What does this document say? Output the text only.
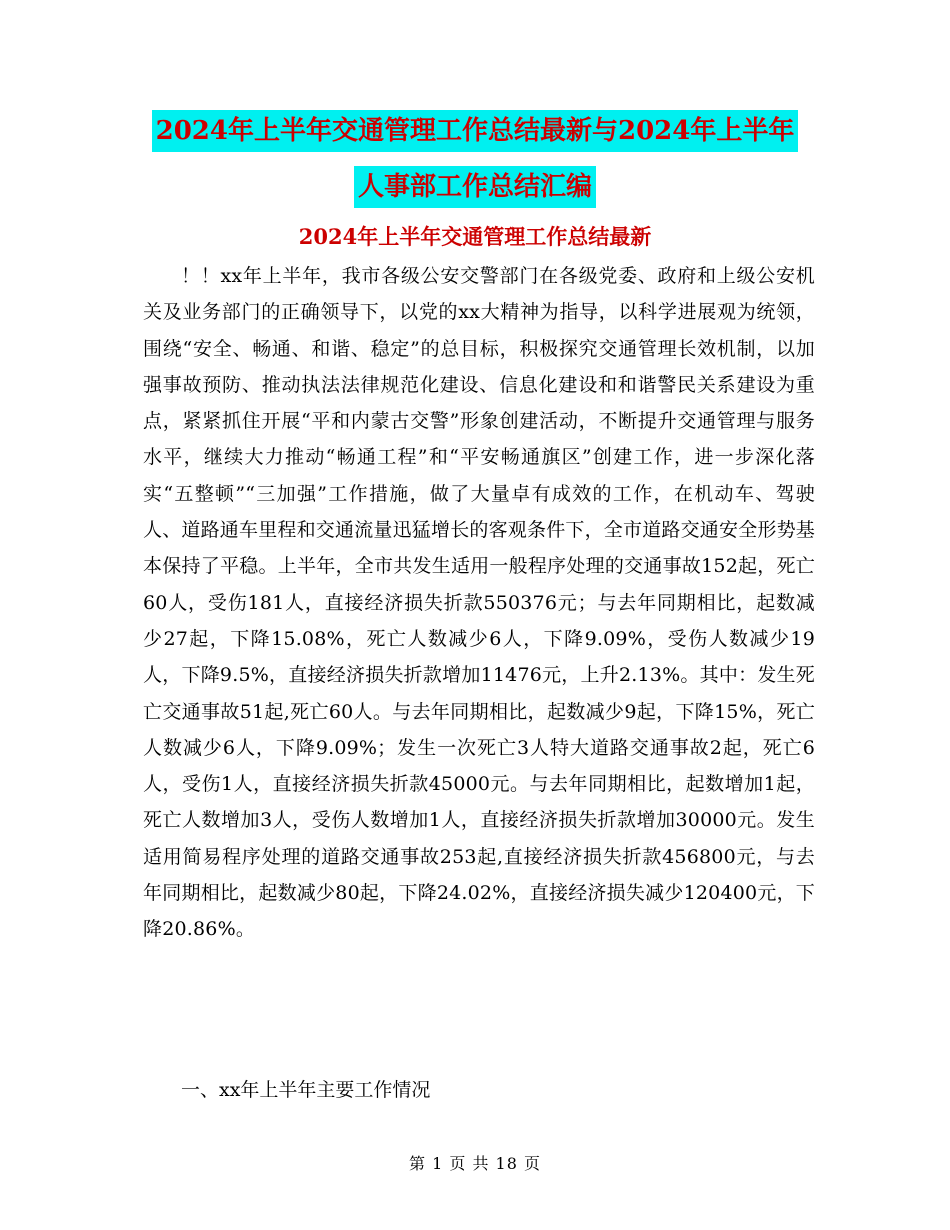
2024年上半年交通管理工作总结最新与2024年上半年
人事部工作总结汇编
2024年上半年交通管理工作总结最新

！！xx年上半年，我市各级公安交警部门在各级党委、政府和上级公安机关及业务部门的正确领导下，以党的xx大精神为指导，以科学进展观为统领，围绕“安全、畅通、和谐、稳定”的总目标，积极探究交通管理长效机制，以加强事故预防、推动执法法律规范化建设、信息化建设和和谐警民关系建设为重点，紧紧抓住开展“平和内蒙古交警”形象创建活动，不断提升交通管理与服务水平，继续大力推动“畅通工程”和“平安畅通旗区”创建工作，进一步深化落实“五整顿”“三加强”工作措施，做了大量卓有成效的工作，在机动车、驾驶人、道路通车里程和交通流量迅猛增长的客观条件下，全市道路交通安全形势基本保持了平稳。上半年，全市共发生适用一般程序处理的交通事故152起，死亡60人，受伤181人，直接经济损失折款550376元；与去年同期相比，起数减少27起，下降15.08%，死亡人数减少6人，下降9.09%，受伤人数减少19人，下降9.5%，直接经济损失折款增加11476元，上升2.13%。其中：发生死亡交通事故51起,死亡60人。与去年同期相比，起数减少9起，下降15%，死亡人数减少6人，下降9.09%；发生一次死亡3人特大道路交通事故2起，死亡6人，受伤1人，直接经济损失折款45000元。与去年同期相比，起数增加1起，死亡人数增加3人，受伤人数增加1人，直接经济损失折款增加30000元。发生适用简易程序处理的道路交通事故253起,直接经济损失折款456800元，与去年同期相比，起数减少80起，下降24.02%，直接经济损失减少120400元，下降20.86%。

一、xx年上半年主要工作情况

第 1 页 共 18 页
